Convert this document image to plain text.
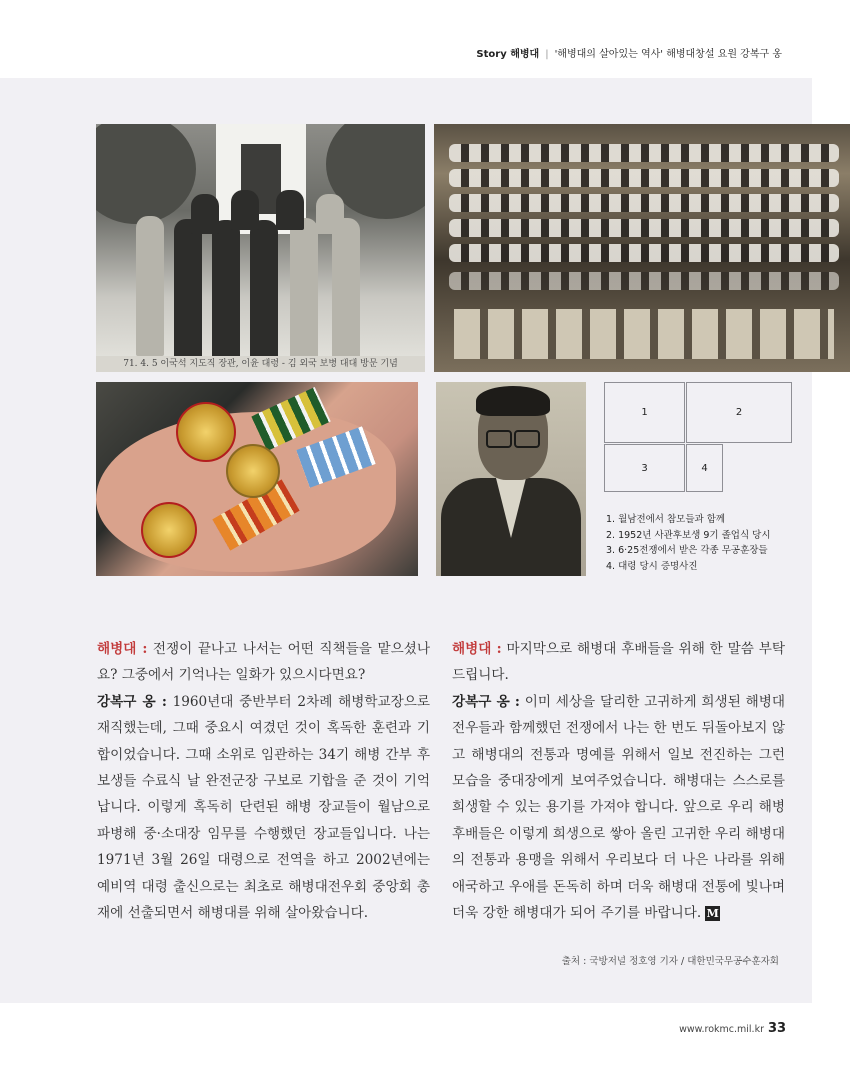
Story 해병대 | '해병대의 살아있는 역사' 해병대창설 요원 강복구 옹
71. 4. 5 이국석 지도직 장관, 이윤 대령 - 김 외국 보병 대대 방문 기념
1	2
3	4
1. 월남전에서 참모들과 함께
2. 1952년 사관후보생 9기 졸업식 당시
3. 6·25전쟁에서 받은 각종 무공훈장들
4. 대령 당시 증명사진

해병대 : 전쟁이 끝나고 나서는 어떤 직책들을 맡으셨나요? 그중에서 기억나는 일화가 있으시다면요?

강복구 옹 : 1960년대 중반부터 2차례 해병학교장으로 재직했는데, 그때 중요시 여겼던 것이 혹독한 훈련과 기합이었습니다. 그때 소위로 임관하는 34기 해병 간부 후보생들 수료식 날 완전군장 구보로 기합을 준 것이 기억납니다. 이렇게 혹독히 단련된 해병 장교들이 월남으로 파병해 중·소대장 임무를 수행했던 장교들입니다. 나는 1971년 3월 26일 대령으로 전역을 하고 2002년에는 예비역 대령 출신으로는 최초로 해병대전우회 중앙회 총재에 선출되면서 해병대를 위해 살아왔습니다.

해병대 : 마지막으로 해병대 후배들을 위해 한 말씀 부탁드립니다.

강복구 옹 : 이미 세상을 달리한 고귀하게 희생된 해병대 전우들과 함께했던 전쟁에서 나는 한 번도 뒤돌아보지 않고 해병대의 전통과 명예를 위해서 일보 전진하는 그런 모습을 중대장에게 보여주었습니다. 해병대는 스스로를 희생할 수 있는 용기를 가져야 합니다. 앞으로 우리 해병 후배들은 이렇게 희생으로 쌓아 올린 고귀한 우리 해병대의 전통과 용맹을 위해서 우리보다 더 나은 나라를 위해 애국하고 우애를 돈독히 하며 더욱 해병대 전통에 빛나며 더욱 강한 해병대가 되어 주기를 바랍니다. M

출처 : 국방저널 정호영 기자 / 대한민국무공수훈자회
www.rokmc.mil.kr 33
